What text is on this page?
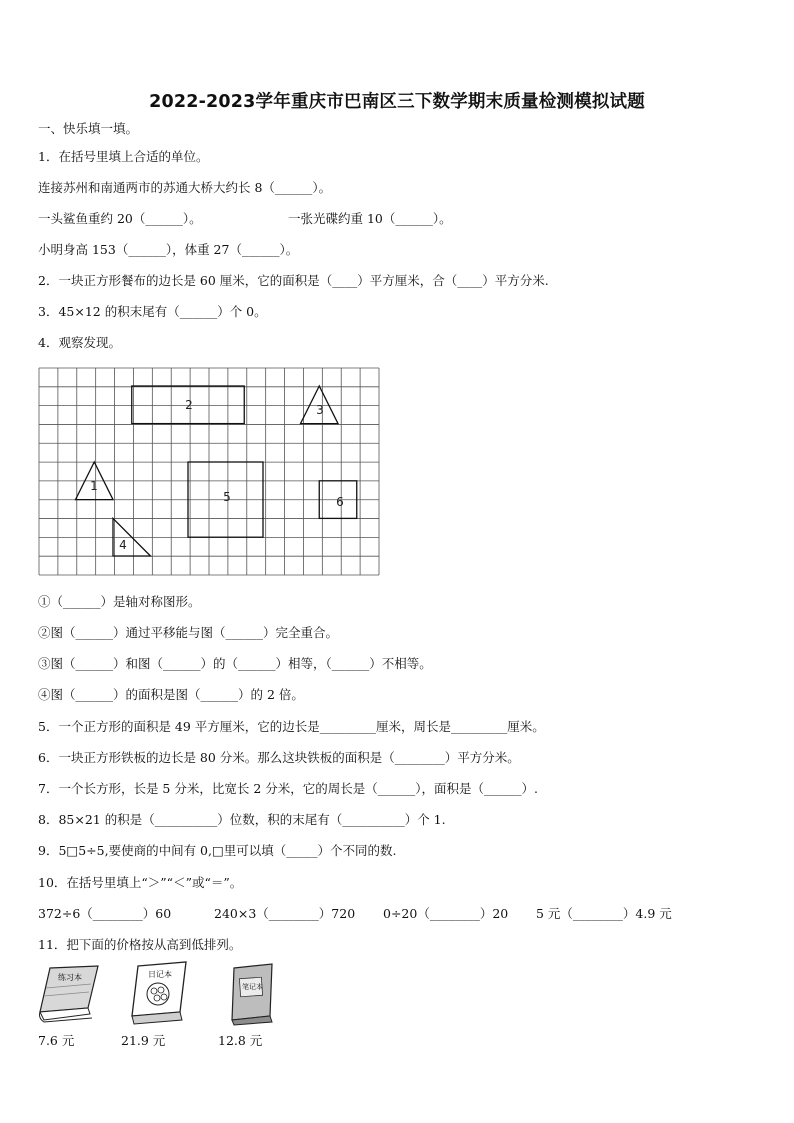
2022-2023学年重庆市巴南区三下数学期末质量检测模拟试题
一、快乐填一填。
1．在括号里填上合适的单位。
连接苏州和南通两市的苏通大桥大约长 8（______）。
一头鲨鱼重约 20（______）。	一张光碟约重 10（______）。
小明身高 153（______），体重 27（______）。
2．一块正方形餐布的边长是 60 厘米，它的面积是（____）平方厘米，合（____）平方分米.
3．45×12 的积末尾有（______）个 0。
4．观察发现。
1
2	3
4
5	6
①（______）是轴对称图形。
②图（______）通过平移能与图（______）完全重合。
③图（______）和图（______）的（______）相等，（______）不相等。
④图（______）的面积是图（______）的 2 倍。
5．一个正方形的面积是 49 平方厘米，它的边长是_________厘米，周长是_________厘米。
6．一块正方形铁板的边长是 80 分米。那么这块铁板的面积是（________）平方分米。
7．一个长方形，长是 5 分米，比宽长 2 分米，它的周长是（______），面积是（______）.
8．85×21 的积是（__________）位数，积的末尾有（__________）个 1.
9．5□5÷5,要使商的中间有 0,□里可以填（_____）个不同的数.
10．在括号里填上“＞”“＜”或“＝”。
372÷6（________）60	240×3（________）720 0÷20（________）20 5 元（________）4.9 元
11．把下面的价格按从高到低排列。
练习本	日记本
笔记本
7.6 元	21.9 元	12.8 元
